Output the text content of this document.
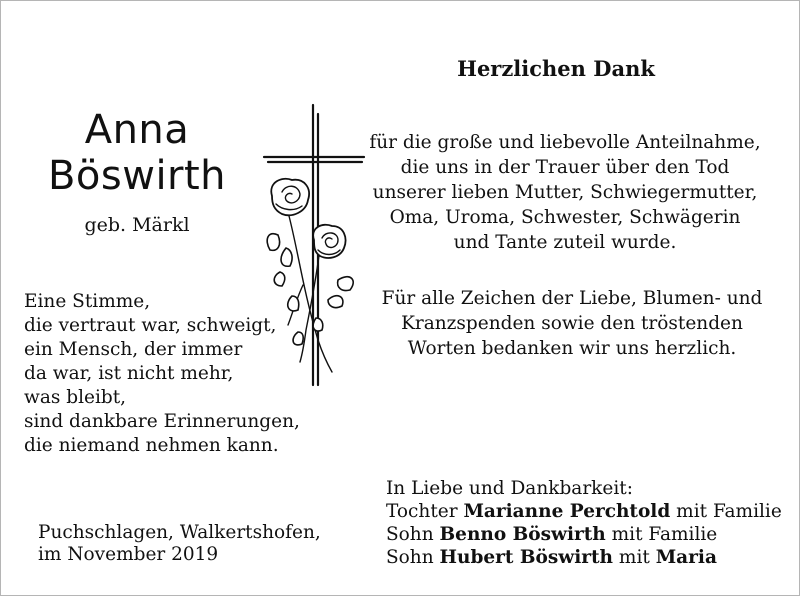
Anna
Böswirth
geb. Märkl
Eine Stimme,
die vertraut war, schweigt,
ein Mensch, der immer
da war, ist nicht mehr,
was bleibt,
sind dankbare Erinnerungen,
die niemand nehmen kann.
Puchschlagen, Walkertshofen,
im November 2019
Herzlichen Dank
für die große und liebevolle Anteilnahme,
die uns in der Trauer über den Tod
unserer lieben Mutter, Schwiegermutter,
Oma, Uroma, Schwester, Schwägerin
und Tante zuteil wurde.
Für alle Zeichen der Liebe, Blumen- und
Kranzspenden sowie den tröstenden
Worten bedanken wir uns herzlich.
In Liebe und Dankbarkeit:
Tochter Marianne Perchtold mit Familie
Sohn Benno Böswirth mit Familie
Sohn Hubert Böswirth mit Maria
